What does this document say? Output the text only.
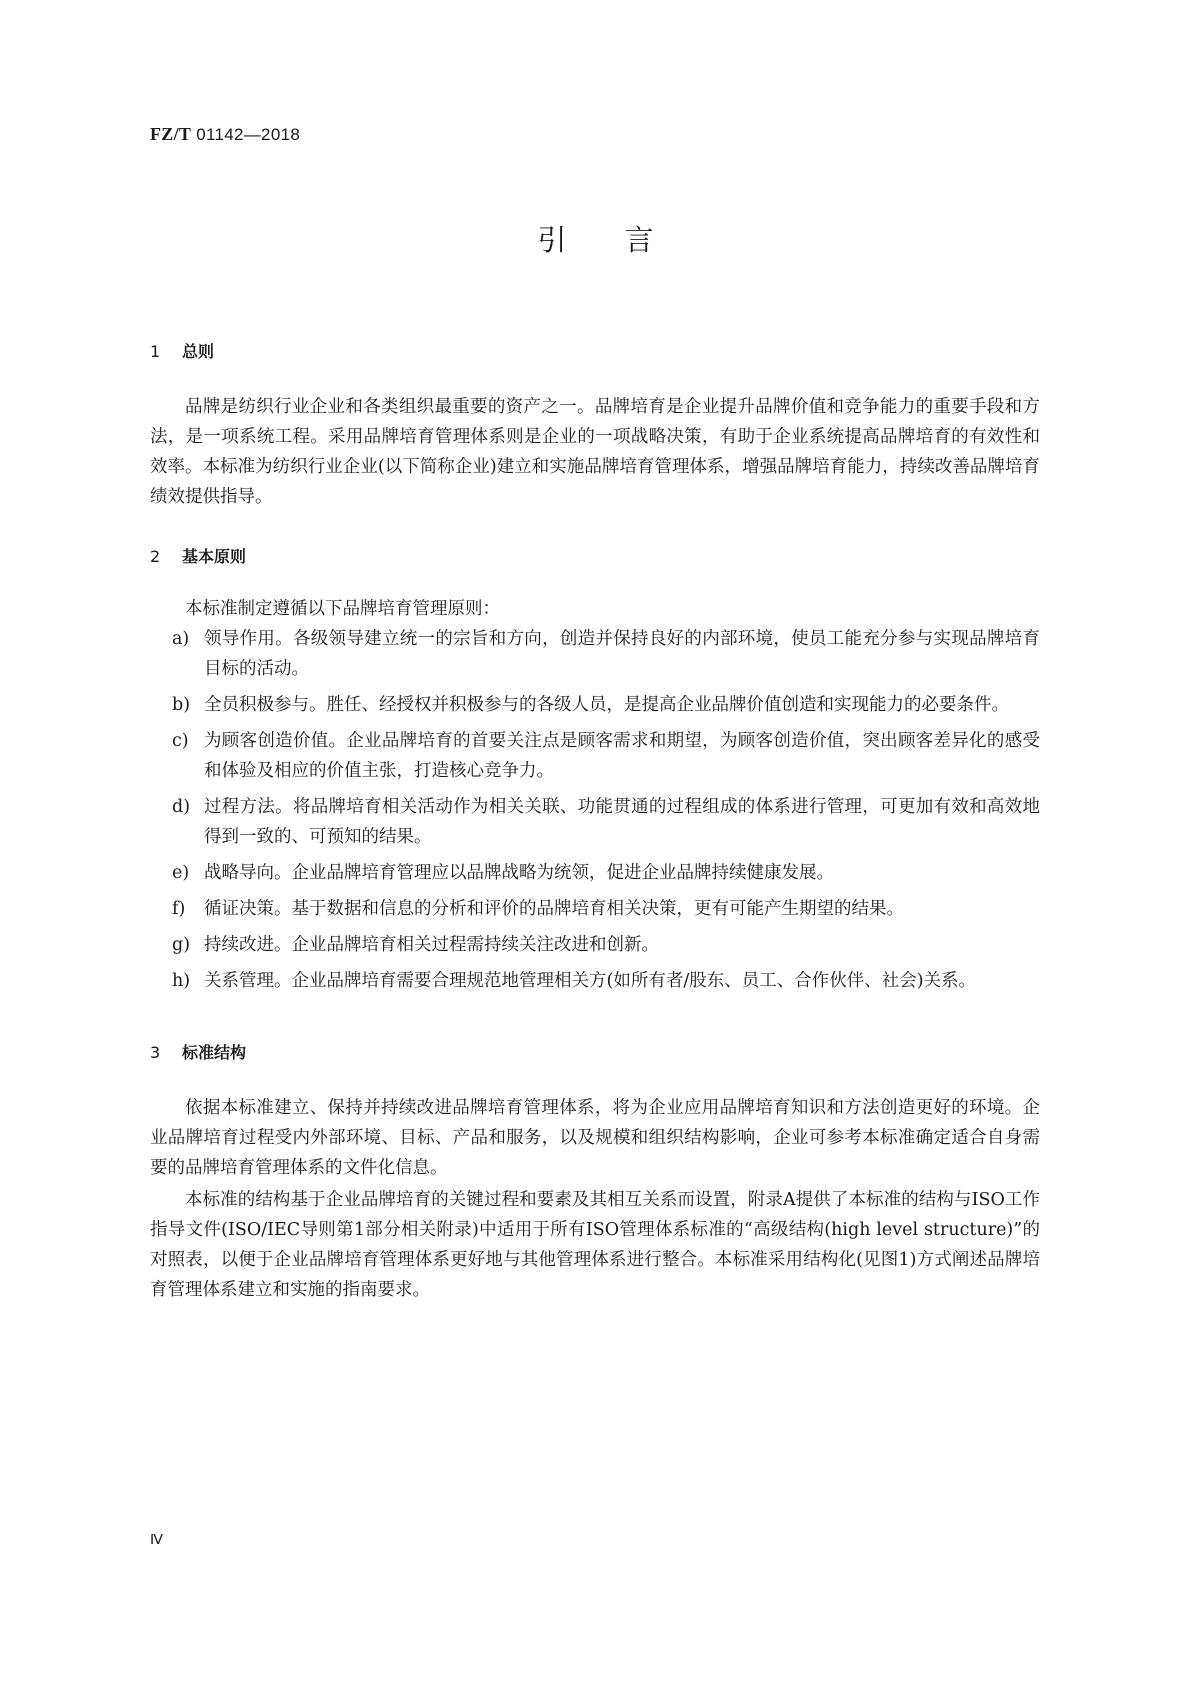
FZ/T 01142—2018
引言
1 总则
品牌是纺织行业企业和各类组织最重要的资产之一。品牌培育是企业提升品牌价值和竞争能力的重要手段和方法，是一项系统工程。采用品牌培育管理体系则是企业的一项战略决策，有助于企业系统提高品牌培育的有效性和效率。本标准为纺织行业企业(以下简称企业)建立和实施品牌培育管理体系，增强品牌培育能力，持续改善品牌培育绩效提供指导。
2 基本原则
本标准制定遵循以下品牌培育管理原则：
a) 领导作用。各级领导建立统一的宗旨和方向，创造并保持良好的内部环境，使员工能充分参与实现品牌培育目标的活动。
b) 全员积极参与。胜任、经授权并积极参与的各级人员，是提高企业品牌价值创造和实现能力的必要条件。
c) 为顾客创造价值。企业品牌培育的首要关注点是顾客需求和期望，为顾客创造价值，突出顾客差异化的感受和体验及相应的价值主张，打造核心竞争力。
d) 过程方法。将品牌培育相关活动作为相关关联、功能贯通的过程组成的体系进行管理，可更加有效和高效地得到一致的、可预知的结果。
e) 战略导向。企业品牌培育管理应以品牌战略为统领，促进企业品牌持续健康发展。
f) 循证决策。基于数据和信息的分析和评价的品牌培育相关决策，更有可能产生期望的结果。
g) 持续改进。企业品牌培育相关过程需持续关注改进和创新。
h) 关系管理。企业品牌培育需要合理规范地管理相关方(如所有者/股东、员工、合作伙伴、社会)关系。
3 标准结构
依据本标准建立、保持并持续改进品牌培育管理体系，将为企业应用品牌培育知识和方法创造更好的环境。企业品牌培育过程受内外部环境、目标、产品和服务，以及规模和组织结构影响，企业可参考本标准确定适合自身需要的品牌培育管理体系的文件化信息。
本标准的结构基于企业品牌培育的关键过程和要素及其相互关系而设置，附录A提供了本标准的结构与ISO工作指导文件(ISO/IEC导则第1部分相关附录)中适用于所有ISO管理体系标准的“高级结构(high level structure)”的对照表，以便于企业品牌培育管理体系更好地与其他管理体系进行整合。本标准采用结构化(见图1)方式阐述品牌培育管理体系建立和实施的指南要求。
Ⅳ
